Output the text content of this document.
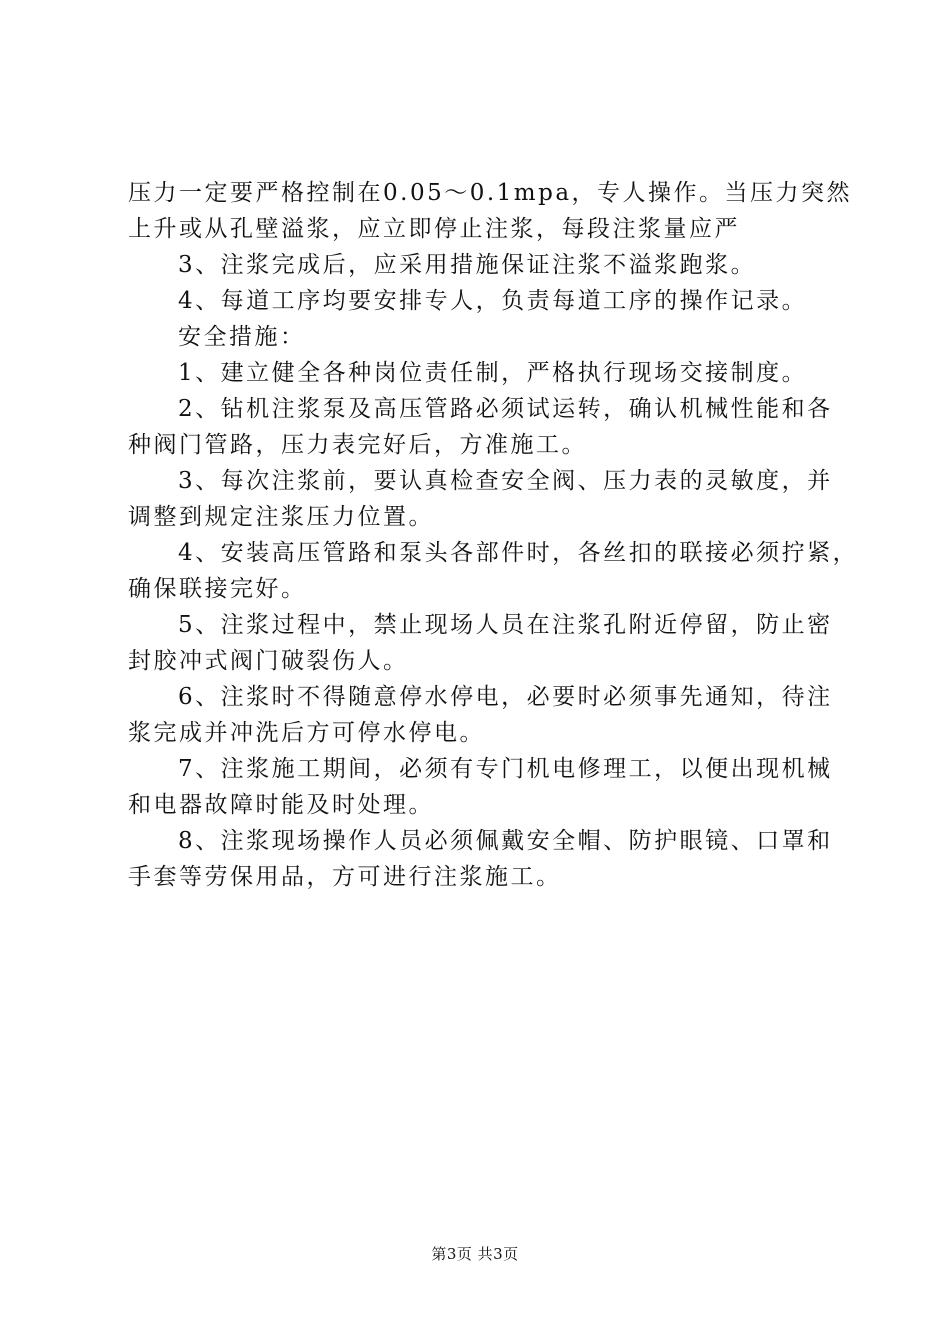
压力一定要严格控制在0.05～0.1mpa，专人操作。当压力突然
上升或从孔壁溢浆，应立即停止注浆，每段注浆量应严
3、注浆完成后，应采用措施保证注浆不溢浆跑浆。
4、每道工序均要安排专人，负责每道工序的操作记录。
安全措施：
1、建立健全各种岗位责任制，严格执行现场交接制度。
2、钻机注浆泵及高压管路必须试运转，确认机械性能和各
种阀门管路，压力表完好后，方准施工。
3、每次注浆前，要认真检查安全阀、压力表的灵敏度，并
调整到规定注浆压力位置。
4、安装高压管路和泵头各部件时，各丝扣的联接必须拧紧，
确保联接完好。
5、注浆过程中，禁止现场人员在注浆孔附近停留，防止密
封胶冲式阀门破裂伤人。
6、注浆时不得随意停水停电，必要时必须事先通知，待注
浆完成并冲洗后方可停水停电。
7、注浆施工期间，必须有专门机电修理工，以便出现机械
和电器故障时能及时处理。
8、注浆现场操作人员必须佩戴安全帽、防护眼镜、口罩和
手套等劳保用品，方可进行注浆施工。
第3页 共3页
